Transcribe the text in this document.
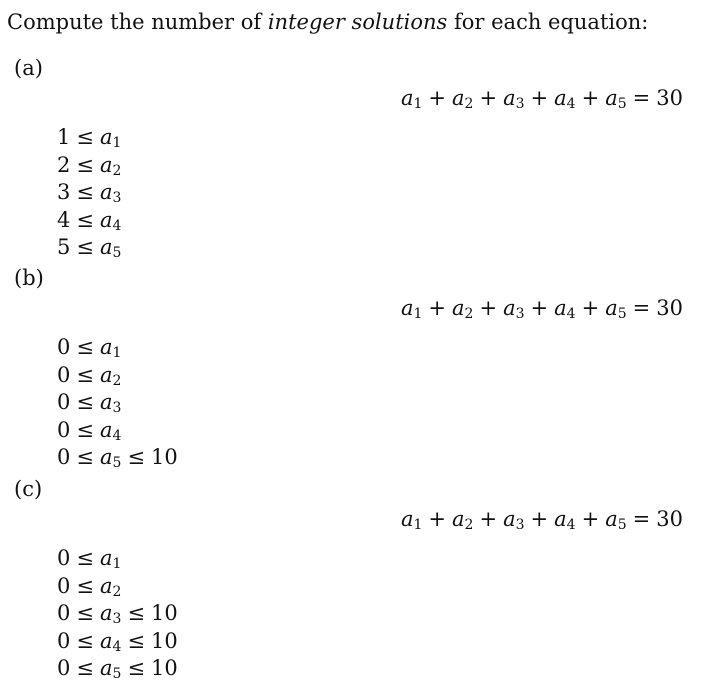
Compute the number of integer solutions for each equation:
(a)
$a_1 + a_2 + a_3 + a_4 + a_5 = 30$
$1 \le a_1$
$2 \le a_2$
$3 \le a_3$
$4 \le a_4$
$5 \le a_5$
(b)
$a_1 + a_2 + a_3 + a_4 + a_5 = 30$
$0 \le a_1$
$0 \le a_2$
$0 \le a_3$
$0 \le a_4$
$0 \le a_5 \le 10$
(c)
$a_1 + a_2 + a_3 + a_4 + a_5 = 30$
$0 \le a_1$
$0 \le a_2$
$0 \le a_3 \le 10$
$0 \le a_4 \le 10$
$0 \le a_5 \le 10$
